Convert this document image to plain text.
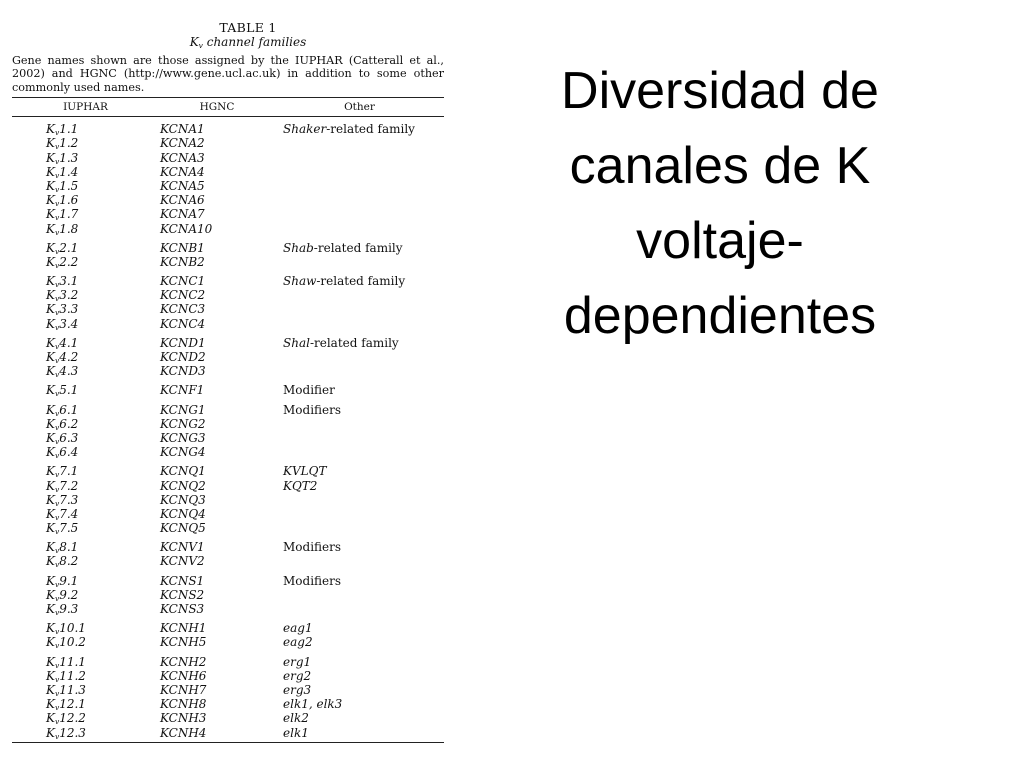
TABLE 1
$K_v$ channel families
Gene names shown are those assigned by the IUPHAR (Catterall et al., 2002) and HGNC (http://www.gene.ucl.ac.uk) in addition to some other commonly used names.
IUPHAR	HGNC	Other
$K_v1.1$	KCNA1	Shaker-related family
$K_v1.2$	KCNA2
$K_v1.3$	KCNA3
$K_v1.4$	KCNA4
$K_v1.5$	KCNA5
$K_v1.6$	KCNA6
$K_v1.7$	KCNA7
$K_v1.8$	KCNA10
$K_v2.1$	KCNB1	Shab-related family
$K_v2.2$	KCNB2
$K_v3.1$	KCNC1	Shaw-related family
$K_v3.2$	KCNC2
$K_v3.3$	KCNC3
$K_v3.4$	KCNC4
$K_v4.1$	KCND1	Shal-related family
$K_v4.2$	KCND2
$K_v4.3$	KCND3
$K_v5.1$	KCNF1	Modifier
$K_v6.1$	KCNG1	Modifiers
$K_v6.2$	KCNG2
$K_v6.3$	KCNG3
$K_v6.4$	KCNG4
$K_v7.1$	KCNQ1	KVLQT
$K_v7.2$	KCNQ2	KQT2
$K_v7.3$	KCNQ3
$K_v7.4$	KCNQ4
$K_v7.5$	KCNQ5
$K_v8.1$	KCNV1	Modifiers
$K_v8.2$	KCNV2
$K_v9.1$	KCNS1	Modifiers
$K_v9.2$	KCNS2
$K_v9.3$	KCNS3
$K_v10.1$	KCNH1	eag1
$K_v10.2$	KCNH5	eag2
$K_v11.1$	KCNH2	erg1
$K_v11.2$	KCNH6	erg2
$K_v11.3$	KCNH7	erg3
$K_v12.1$	KCNH8	elk1, elk3
$K_v12.2$	KCNH3	elk2
$K_v12.3$	KCNH4	elk1
Diversidad de
canales de K
voltaje-
dependientes
